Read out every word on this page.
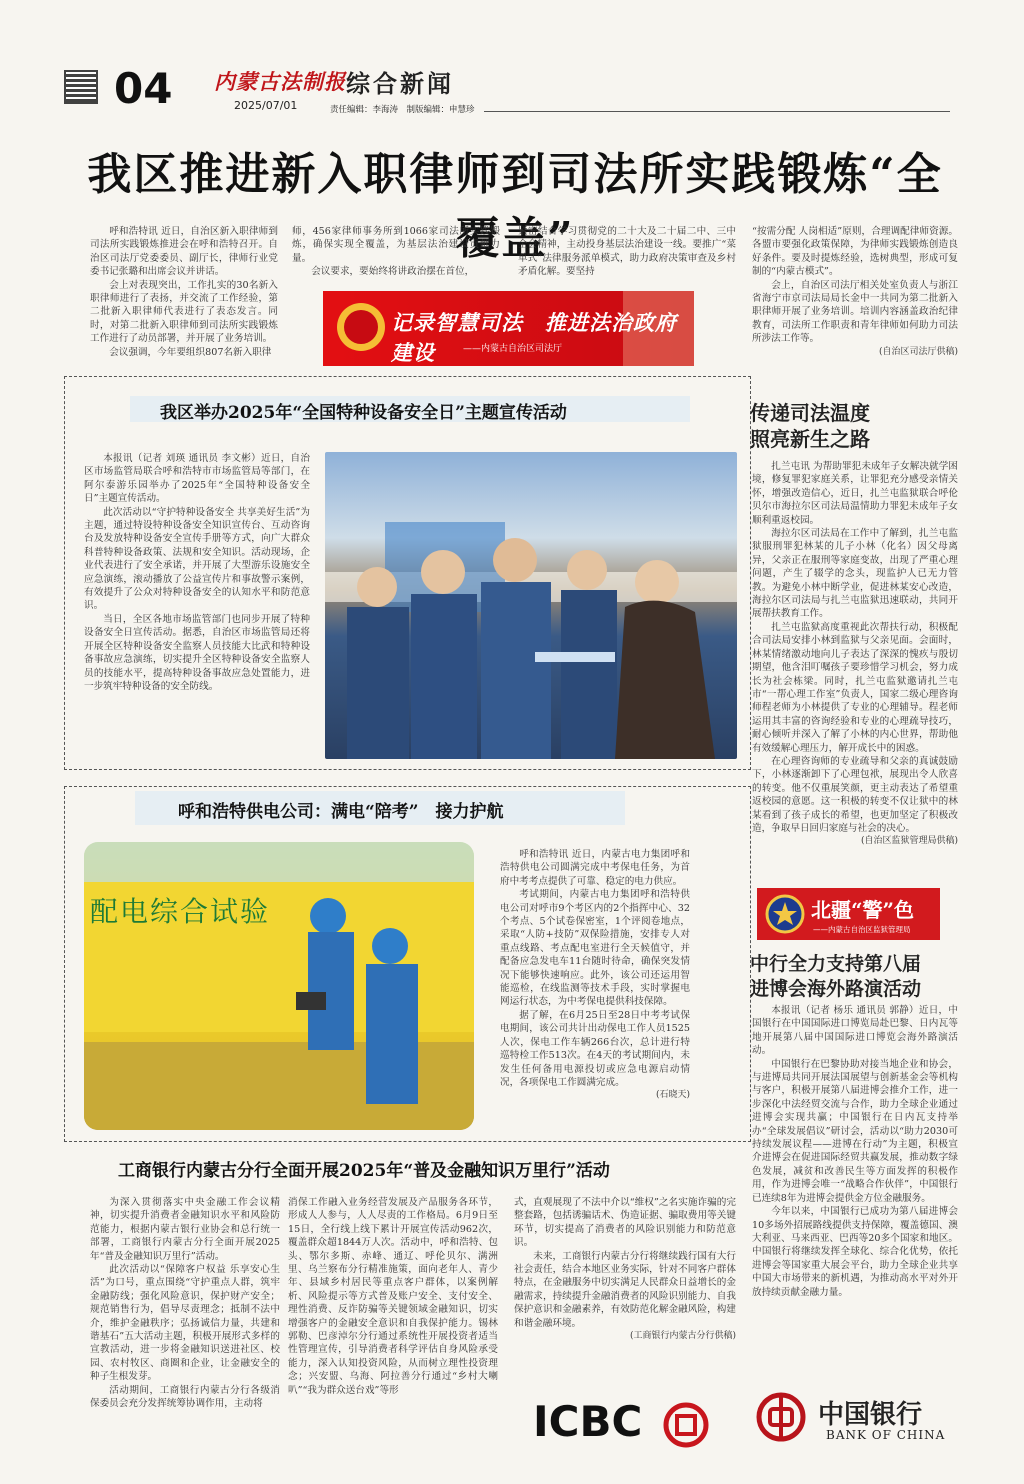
04 内蒙古法制报
2025/07/01
综合新闻
责任编辑：李海涛　制版编辑：申慧珍
我区推进新入职律师到司法所实践锻炼“全覆盖”

呼和浩特讯 近日，自治区新入职律师到司法所实践锻炼推进会在呼和浩特召开。自治区司法厅党委委员、副厅长，律师行业党委书记张璐和出席会议并讲话。

会上对表现突出，工作扎实的30名新入职律师进行了表扬，并交流了工作经验，第二批新入职律师代表进行了表态发言。同时，对第二批新入职律师到司法所实践锻炼工作进行了动员部署，并开展了业务培训。

会议强调，今年要组织807名新入职律

师，456家律师事务所到1066家司法所实践锻炼，确保实现全覆盖，为基层法治建设贡献力量。

会议要求，要始终将讲政治摆在首位，

紧密结合学习贯彻党的二十大及二十届二中、三中全会精神，主动投身基层法治建设一线。要推广“菜单式”法律服务派单模式，助力政府决策审查及乡村矛盾化解。要坚持

“按需分配 人岗相适”原则，合理调配律师资源。各盟市要强化政策保障，为律师实践锻炼创造良好条件。要及时提炼经验，选树典型，形成可复制的“内蒙古模式”。

会上，自治区司法厅相关处室负责人与浙江省海宁市京司法局局长金中一共同为第二批新入职律师开展了业务培训。培训内容涵盖政治纪律教育，司法所工作职责和青年律师如何助力司法所涉法工作等。

(自治区司法厅供稿)

记录智慧司法　推进法治政府建设	——内蒙古自治区司法厅
我区举办2025年“全国特种设备安全日”主题宣传活动

本报讯（记者 刘瑛 通讯员 李文彬）近日，自治区市场监管局联合呼和浩特市市场监管局等部门，在阿尔泰游乐园举办了2025年“全国特种设备安全日”主题宣传活动。

此次活动以“守护特种设备安全 共享美好生活”为主题，通过特设特种设备安全知识宣传台、互动咨询台及发放特种设备安全宣传手册等方式，向广大群众科普特种设备政策、法规和安全知识。活动现场，企业代表进行了安全承诺，并开展了大型游乐设施安全应急演练，滚动播放了公益宣传片和事故警示案例，有效提升了公众对特种设备安全的认知水平和防范意识。

当日，全区各地市场监管部门也同步开展了特种设备安全日宣传活动。据悉，自治区市场监管局还将开展全区特种设备安全监察人员技能大比武和特种设备事故应急演练，切实提升全区特种设备安全监察人员的技能水平，提高特种设备事故应急处置能力，进一步筑牢特种设备的安全防线。

呼和浩特供电公司：满电“陪考”　接力护航
配电综合试验

呼和浩特讯 近日，内蒙古电力集团呼和浩特供电公司圆满完成中考保电任务，为首府中考考点提供了可靠、稳定的电力供应。

考试期间，内蒙古电力集团呼和浩特供电公司对呼市9个考区内的2个指挥中心、32个考点、5个试卷保密室，1个评阅卷地点，采取“人防+技防”双保险措施，安排专人对重点线路、考点配电室进行全天候值守，并配备应急发电车11台随时待命，确保突发情况下能够快速响应。此外，该公司还运用智能巡检，在线监测等技术手段，实时掌握电网运行状态，为中考保电提供科技保障。

据了解，在6月25日至28日中考考试保电期间，该公司共计出动保电工作人员1525人次，保电工作车辆266台次，总计进行特巡特检工作513次。在4天的考试期间内，未发生任何备用电源投切或应急电源启动情况，各项保电工作圆满完成。

(石晓天)

传递司法温度
照亮新生之路

扎兰屯讯 为帮助罪犯未成年子女解决就学困境，修复罪犯家庭关系，让罪犯充分感受亲情关怀，增强改造信心，近日，扎兰屯监狱联合呼伦贝尔市海拉尔区司法局温情助力罪犯未成年子女顺利重返校园。

海拉尔区司法局在工作中了解到，扎兰屯监狱服刑罪犯林某的儿子小林（化名）因父母离异，父亲正在服刑等家庭变故，出现了严重心理问题，产生了辍学的念头，现监护人已无力管教。为避免小林中断学业，促进林某安心改造，海拉尔区司法局与扎兰屯监狱迅速联动，共同开展帮扶教育工作。

扎兰屯监狱高度重视此次帮扶行动，积极配合司法局安排小林到监狱与父亲见面。会面时，林某情绪激动地向儿子表达了深深的愧疚与殷切期望，他含泪叮嘱孩子要珍惜学习机会，努力成长为社会栋梁。同时，扎兰屯监狱邀请扎兰屯市“一帮心理工作室”负责人，国家二级心理咨询师程老师为小林提供了专业的心理辅导。程老师运用其丰富的咨询经验和专业的心理疏导技巧，耐心倾听并深入了解了小林的内心世界，帮助他有效缓解心理压力，解开成长中的困惑。

在心理咨询师的专业疏导和父亲的真诚鼓励下，小林逐渐卸下了心理包袱，展现出令人欣喜的转变。他不仅重展笑颜，更主动表达了希望重返校园的意愿。这一积极的转变不仅让狱中的林某看到了孩子成长的希望，也更加坚定了积极改造，争取早日回归家庭与社会的决心。

(自治区监狱管理局供稿)

北疆“警”色
——内蒙古自治区监狱管理局
中行全力支持第八届
进博会海外路演活动

本报讯（记者 杨乐 通讯员 郭静）近日，中国银行在中国国际进口博览局赴巴黎、日内瓦等地开展第八届中国国际进口博览会海外路演活动。

中国银行在巴黎协助对接当地企业和协会，与进博局共同开展法国展望与创新基金会等机构与客户，积极开展第八届进博会推介工作，进一步深化中法经贸交流与合作，助力全球企业通过进博会实现共赢；中国银行在日内瓦支持举办“全球发展倡议”研讨会，活动以“助力2030可持续发展议程——进博在行动”为主题，积极宣介进博会在促进国际经贸共赢发展，推动数字绿色发展，减贫和改善民生等方面发挥的积极作用，作为进博会唯一“战略合作伙伴”，中国银行已连续8年为进博会提供金方位金融服务。

今年以来，中国银行已成功为第八届进博会10多场外招展路线提供支持保障，覆盖德国、澳大利亚、马来西亚、巴西等20多个国家和地区。中国银行将继续发挥全球化、综合化优势，依托进博会等国家重大展会平台，助力全球企业共享中国大市场带来的新机遇，为推动高水平对外开放持续贡献金融力量。

工商银行内蒙古分行全面开展2025年“普及金融知识万里行”活动

为深入贯彻落实中央金融工作会议精神，切实提升消费者金融知识水平和风险防范能力，根据内蒙古银行业协会和总行统一部署，工商银行内蒙古分行全面开展2025年“普及金融知识万里行”活动。

此次活动以“保障客户权益 乐享安心生活”为口号，重点围绕“守护重点人群，筑牢金融防线；强化风险意识，保护财产安全；规范销售行为，倡导尽责理念；抵制不法中介，维护金融秩序；弘扬诚信力量，共建和谐基石”五大活动主题，积极开展形式多样的宣教活动，进一步将金融知识送进社区、校园、农村牧区、商圈和企业，让金融安全的种子生根发芽。

活动期间，工商银行内蒙古分行各级消保委员会充分发挥统筹协调作用，主动将

消保工作融入业务经营发展及产品服务各环节，形成人人参与，人人尽责的工作格局。6月9日至15日，全行线上线下累计开展宣传活动962次，覆盖群众超1844万人次。活动中，呼和浩特、包头、鄂尔多斯、赤峰、通辽、呼伦贝尔、满洲里、乌兰察布分行精准施策，面向老年人、青少年、县域乡村居民等重点客户群体，以案例解析、风险提示等方式普及账户安全、支付安全、理性消费、反诈防骗等关键领域金融知识，切实增强客户的金融安全意识和自我保护能力。锡林郭勒、巴彦淖尔分行通过系统性开展投资者适当性管理宣传，引导消费者科学评估自身风险承受能力，深入认知投资风险，从而树立理性投资理念；兴安盟、乌海、阿拉善分行通过“乡村大喇叭”“我为群众送台戏”等形

式，直观展现了不法中介以“维权”之名实施诈骗的完整套路，包括诱骗话术、伪造证据、骗取费用等关键环节，切实提高了消费者的风险识别能力和防范意识。

未来，工商银行内蒙古分行将继续践行国有大行社会责任，结合本地区业务实际，针对不同客户群体特点，在金融服务中切实满足人民群众日益增长的金融需求，持续提升金融消费者的风险识别能力、自我保护意识和金融素养，有效防范化解金融风险，构建和谐金融环境。

(工商银行内蒙古分行供稿)

ICBC	中国银行
BANK OF CHINA
